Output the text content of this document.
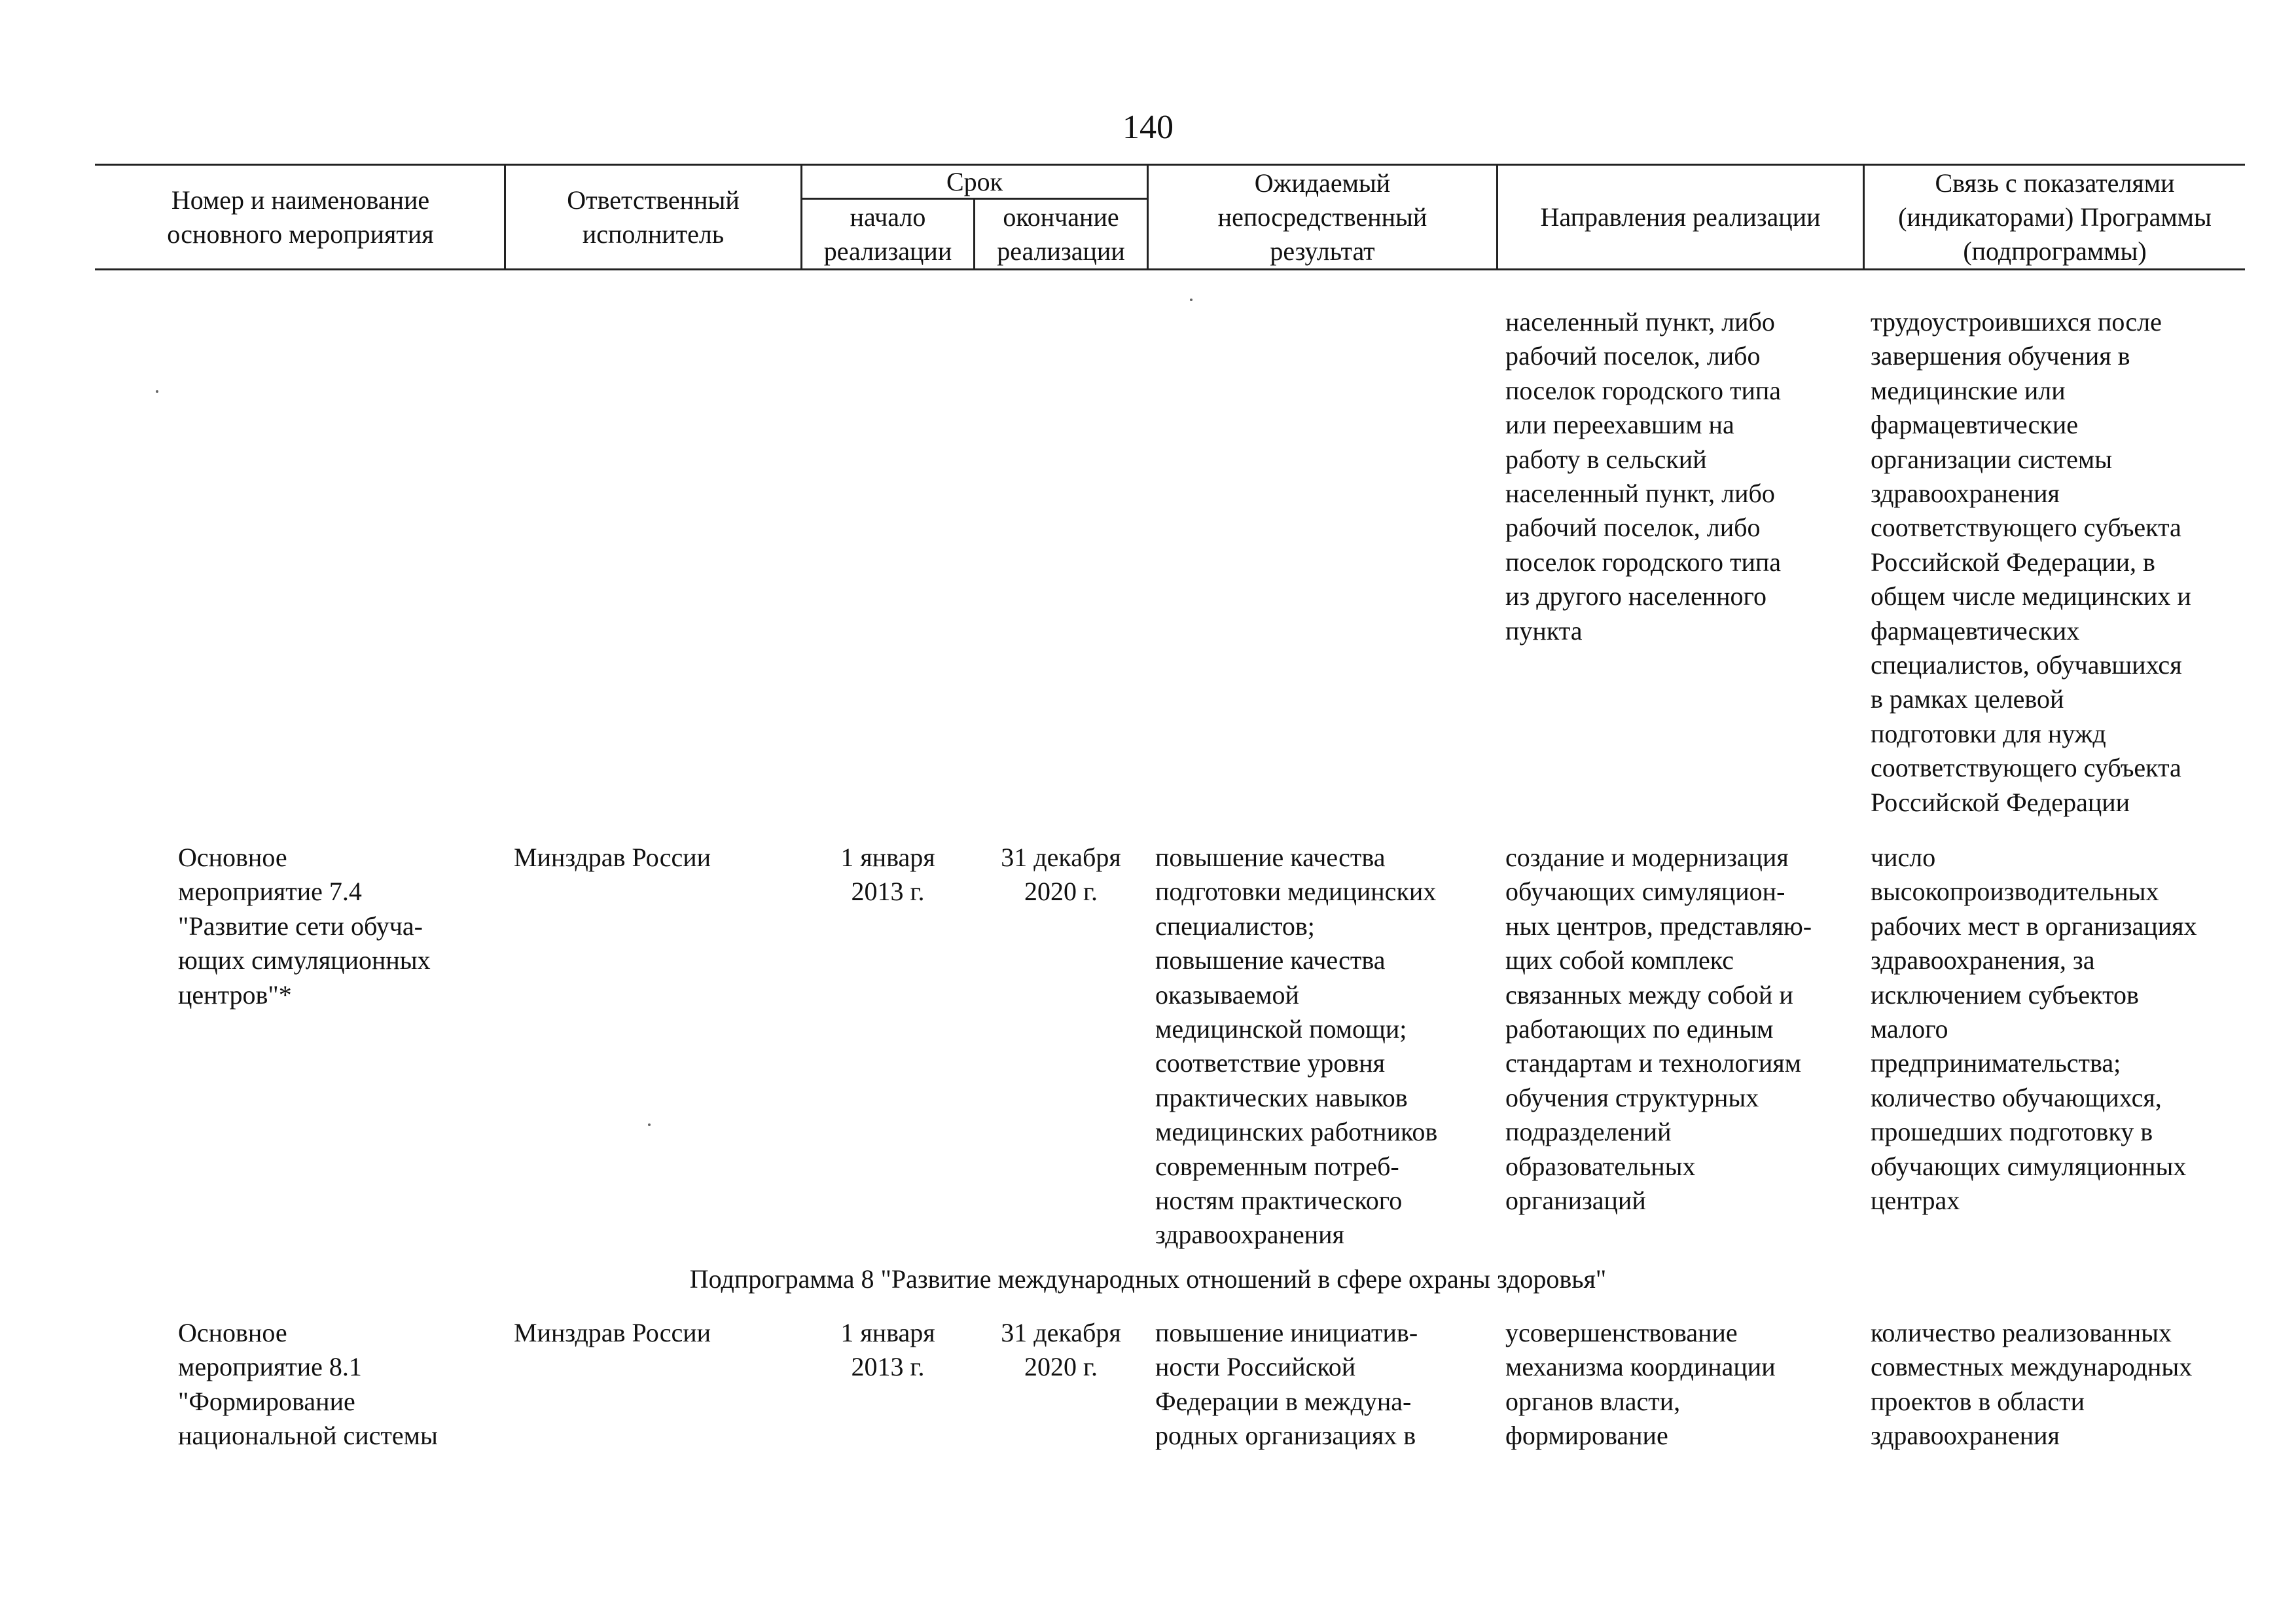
140
Номер и наименование
основного мероприятия
Ответственный
исполнитель
Срок
начало
реализации
окончание
реализации
Ожидаемый
непосредственный
результат
Направления реализации
Связь с показателями
(индикаторами) Программы
(подпрограммы)
населенный пункт, либо
рабочий поселок, либо
поселок городского типа
или переехавшим на
работу в сельский
населенный пункт, либо
рабочий поселок, либо
поселок городского типа
из другого населенного
пункта
трудоустроившихся после
завершения обучения в
медицинские или
фармацевтические
организации системы
здравоохранения
соответствующего субъекта
Российской Федерации, в
общем числе медицинских и
фармацевтических
специалистов, обучавшихся
в рамках целевой
подготовки для нужд
соответствующего субъекта
Российской Федерации
Основное
мероприятие 7.4
"Развитие сети обуча-
ющих симуляционных
центров"*
Минздрав России	1 января
2013 г.
31 декабря
2020 г.
повышение качества
подготовки медицинских
специалистов;
повышение качества
оказываемой
медицинской помощи;
соответствие уровня
практических навыков
медицинских работников
современным потреб-
ностям практического
здравоохранения
создание и модернизация
обучающих симуляцион-
ных центров, представляю-
щих собой комплекс
связанных между собой и
работающих по единым
стандартам и технологиям
обучения структурных
подразделений
образовательных
организаций
число
высокопроизводительных
рабочих мест в организациях
здравоохранения, за
исключением субъектов
малого
предпринимательства;
количество обучающихся,
прошедших подготовку в
обучающих симуляционных
центрах
Подпрограмма 8 "Развитие международных отношений в сфере охраны здоровья"
Основное
мероприятие 8.1
"Формирование
национальной системы
Минздрав России	1 января
2013 г.
31 декабря
2020 г.
повышение инициатив-
ности Российской
Федерации в междуна-
родных организациях в
усовершенствование
механизма координации
органов власти,
формирование
количество реализованных
совместных международных
проектов в области
здравоохранения
